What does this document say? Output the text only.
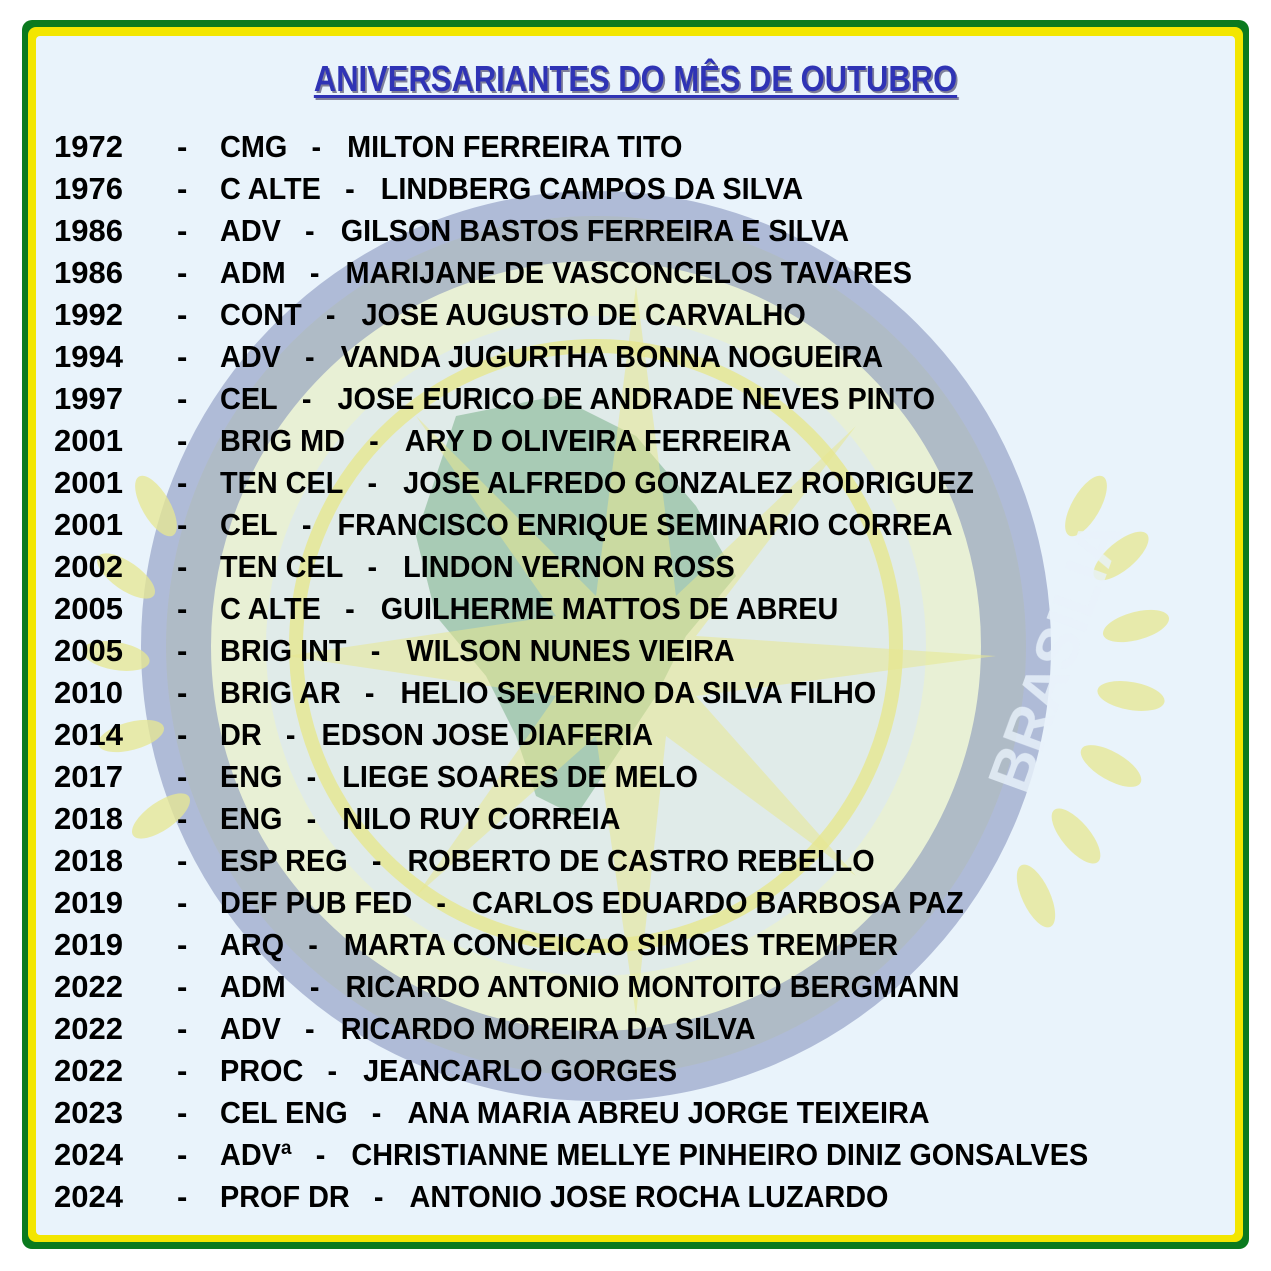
BRASILIA
ANIVERSARIANTES DO MÊS DE OUTUBRO
1972 - CMG - MILTON FERREIRA TITO
1976 - C ALTE - LINDBERG CAMPOS DA SILVA
1986 - ADV - GILSON BASTOS FERREIRA E SILVA
1986 - ADM - MARIJANE DE VASCONCELOS TAVARES
1992 - CONT - JOSE AUGUSTO DE CARVALHO
1994 - ADV - VANDA JUGURTHA BONNA NOGUEIRA
1997 - CEL - JOSE EURICO DE ANDRADE NEVES PINTO
2001 - BRIG MD - ARY D OLIVEIRA FERREIRA
2001 - TEN CEL - JOSE ALFREDO GONZALEZ RODRIGUEZ
2001 - CEL - FRANCISCO ENRIQUE SEMINARIO CORREA
2002 - TEN CEL - LINDON VERNON ROSS
2005 - C ALTE - GUILHERME MATTOS DE ABREU
2005 - BRIG INT - WILSON NUNES VIEIRA
2010 - BRIG AR - HELIO SEVERINO DA SILVA FILHO
2014 - DR - EDSON JOSE DIAFERIA
2017 - ENG - LIEGE SOARES DE MELO
2018 - ENG - NILO RUY CORREIA
2018 - ESP REG - ROBERTO DE CASTRO REBELLO
2019 - DEF PUB FED - CARLOS EDUARDO BARBOSA PAZ
2019 - ARQ - MARTA CONCEICAO SIMOES TREMPER
2022 - ADM - RICARDO ANTONIO MONTOITO BERGMANN
2022 - ADV - RICARDO MOREIRA DA SILVA
2022 - PROC - JEANCARLO GORGES
2023 - CEL ENG - ANA MARIA ABREU JORGE TEIXEIRA
2024 - ADVª - CHRISTIANNE MELLYE PINHEIRO DINIZ GONSALVES
2024 - PROF DR - ANTONIO JOSE ROCHA LUZARDO
